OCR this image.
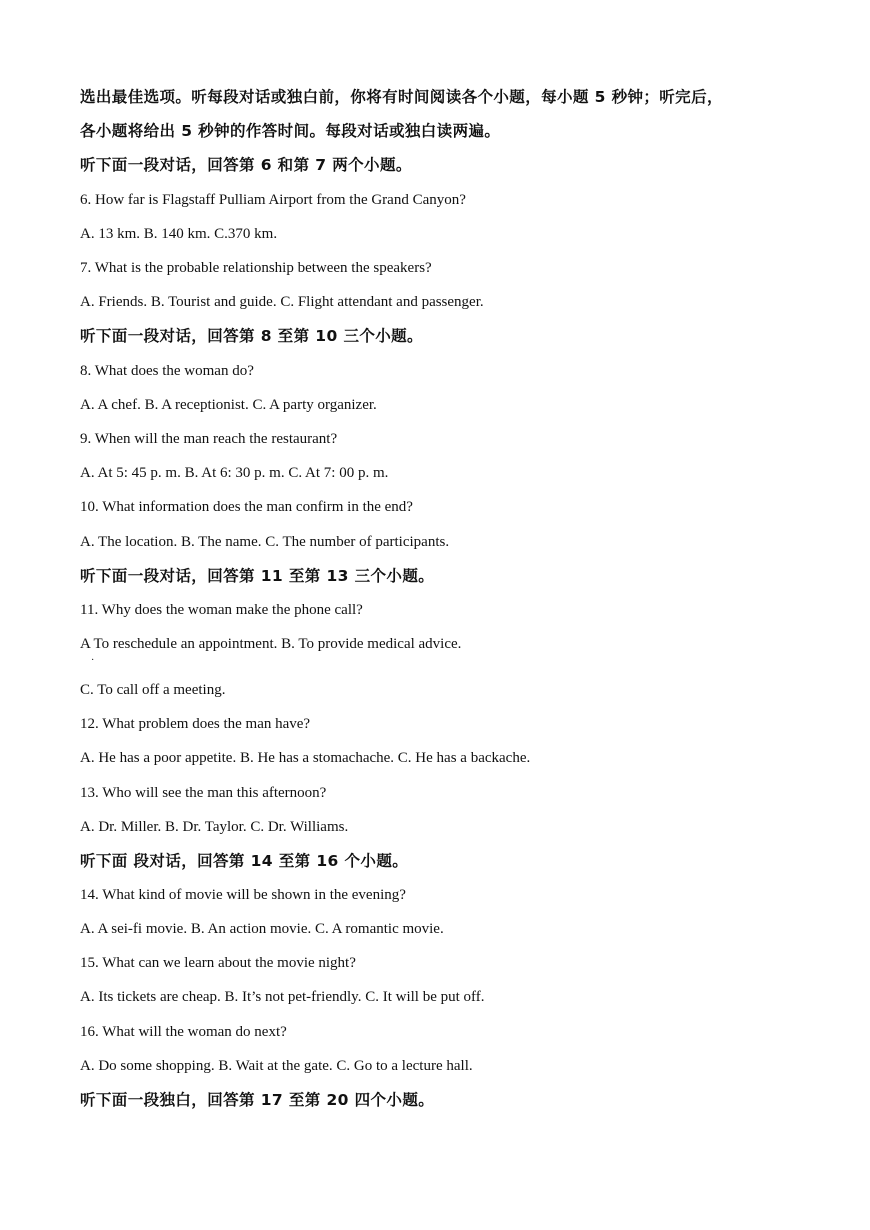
选出最佳选项。听每段对话或独白前，你将有时间阅读各个小题，每小题 5 秒钟；听完后，
各小题将给出 5 秒钟的作答时间。每段对话或独白读两遍。
听下面一段对话，回答第 6 和第 7 两个小题。
6. How far is Flagstaff Pulliam Airport from the Grand Canyon?
A. 13 km. B. 140 km. C.370 km.
7. What is the probable relationship between the speakers?
A. Friends. B. Tourist and guide. C. Flight attendant and passenger.
听下面一段对话，回答第 8 至第 10 三个小题。
8. What does the woman do?
A. A chef. B. A receptionist. C. A party organizer.
9. When will the man reach the restaurant?
A. At 5: 45 p. m. B. At 6: 30 p. m. C. At 7: 00 p. m.
10. What information does the man confirm in the end?
A. The location. B. The name. C. The number of participants.
听下面一段对话，回答第 11 至第 13 三个小题。
11. Why does the woman make the phone call?
A To reschedule an appointment. B. To provide medical advice.
C. To call off a meeting.
12. What problem does the man have?
A. He has a poor appetite. B. He has a stomachache. C. He has a backache.
13. Who will see the man this afternoon?
A. Dr. Miller. B. Dr. Taylor. C. Dr. Williams.
听下面 段对话，回答第 14 至第 16 个小题。
14. What kind of movie will be shown in the evening?
A. A sei-fi movie. B. An action movie. C. A romantic movie.
15. What can we learn about the movie night?
A. Its tickets are cheap. B. It’s not pet-friendly. C. It will be put off.
16. What will the woman do next?
A. Do some shopping. B. Wait at the gate. C. Go to a lecture hall.
听下面一段独白，回答第 17 至第 20 四个小题。
·
